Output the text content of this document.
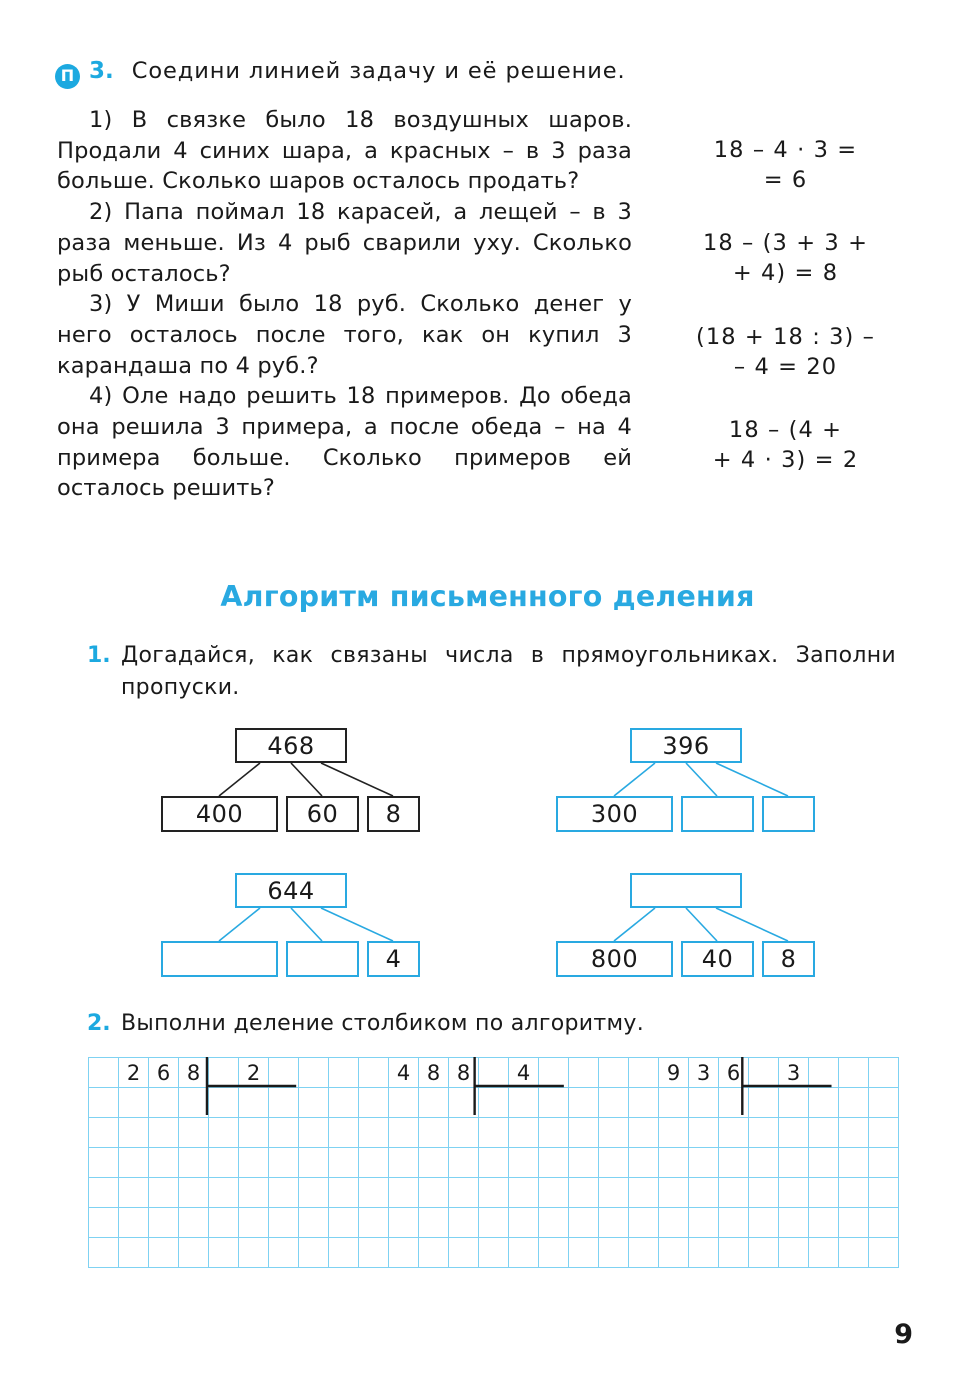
П 3. Соедини линией задачу и её решение.

1) В связке было 18 воздушных шаров. Продали 4 синих шара, а красных – в 3 раза больше. Сколько шаров осталось продать?

2) Папа поймал 18 карасей, а лещей – в 3 раза меньше. Из 4 рыб сварили уху. Сколько рыб осталось?

3) У Миши было 18 руб. Сколько денег у него осталось после того, как он купил 3 карандаша по 4 руб.?

4) Оле надо решить 18 примеров. До обеда она решила 3 примера, а после обеда – на 4 примера больше. Сколько примеров ей осталось решить?

18 – 4 · 3 =
= 6
18 – (3 + 3 +
+ 4) = 8
(18 + 18 : 3) –
– 4 = 20
18 – (4 +
+ 4 · 3) = 2
Алгоритм письменного деления
1. Догадайся, как связаны числа в прямоугольниках. Заполни пропуски.
468
400	60	8
396
300
644
4	800	40	8
2. Выполни деление столбиком по алгоритму.
	2	6	8		2					4	8	8		4					9	3	6		3			

9
